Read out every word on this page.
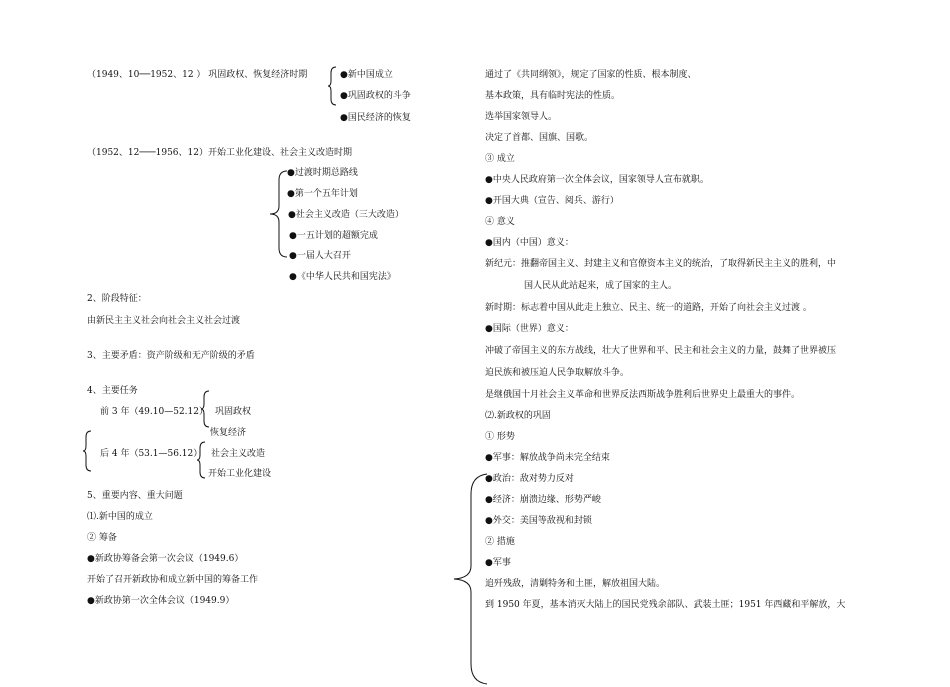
（1949、10──1952、12 ） 巩固政权、恢复经济时期	●新中国成立
●巩固政权的斗争
●国民经济的恢复
（1952、12───1956、12）开始工业化建设、社会主义改造时期
●过渡时期总路线
●第一个五年计划
●社会主义改造（三大改造）
●一五计划的超额完成
●一届人大召开
●《中华人民共和国宪法》
2、阶段特征：
由新民主主义社会向社会主义社会过渡
3、主要矛盾：资产阶级和无产阶级的矛盾
4、主要任务
前 3 年（49.10—52.12） 巩固政权
恢复经济
后 4 年（53.1—56.12） 社会主义改造
开始工业化建设
5、重要内容、重大问题
⑴.新中国的成立
② 筹备
●新政协筹备会第一次会议（1949.6）
开始了召开新政协和成立新中国的筹备工作
●新政协第一次全体会议（1949.9）
通过了《共同纲领》，规定了国家的性质、根本制度、
基本政策，具有临时宪法的性质。
选举国家领导人。
决定了首都、国旗、国歌。
③ 成立
●中央人民政府第一次全体会议，国家领导人宣布就职。
●开国大典（宣告、阅兵、游行）
④ 意义
●国内（中国）意义：
新纪元：推翻帝国主义、封建主义和官僚资本主义的统治，了取得新民主主义的胜利，中
国人民从此站起来，成了国家的主人。
新时期：标志着中国从此走上独立、民主、统一的道路，开始了向社会主义过渡 。
●国际（世界）意义：
冲破了帝国主义的东方战线，壮大了世界和平、民主和社会主义的力量，鼓舞了世界被压
迫民族和被压迫人民争取解放斗争。
是继俄国十月社会主义革命和世界反法西斯战争胜利后世界史上最重大的事件。
⑵.新政权的巩固
① 形势
●军事：解放战争尚未完全结束
●政治：敌对势力反对
●经济：崩溃边缘、形势严峻
●外交：美国等敌视和封锁
② 措施
●军事
追歼残敌，清剿特务和土匪，解放祖国大陆。
到 1950 年夏，基本消灭大陆上的国民党残余部队、武装土匪；1951 年西藏和平解放，大
